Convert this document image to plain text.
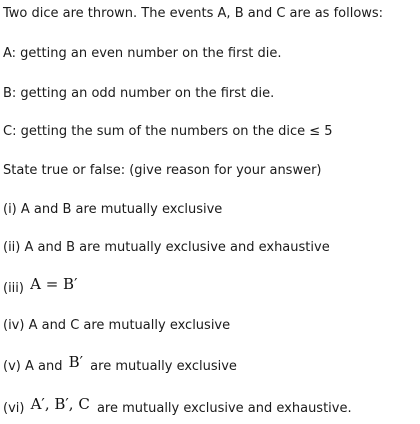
Two dice are thrown. The events A, B and C are as follows:
A: getting an even number on the first die.
B: getting an odd number on the first die.
C: getting the sum of the numbers on the dice ≤ 5
State true or false: (give reason for your answer)
(i) A and B are mutually exclusive
(ii) A and B are mutually exclusive and exhaustive
(iii) A = B′
(iv) A and C are mutually exclusive
(v) A and B′ are mutually exclusive
(vi) A′, B′, C are mutually exclusive and exhaustive.
